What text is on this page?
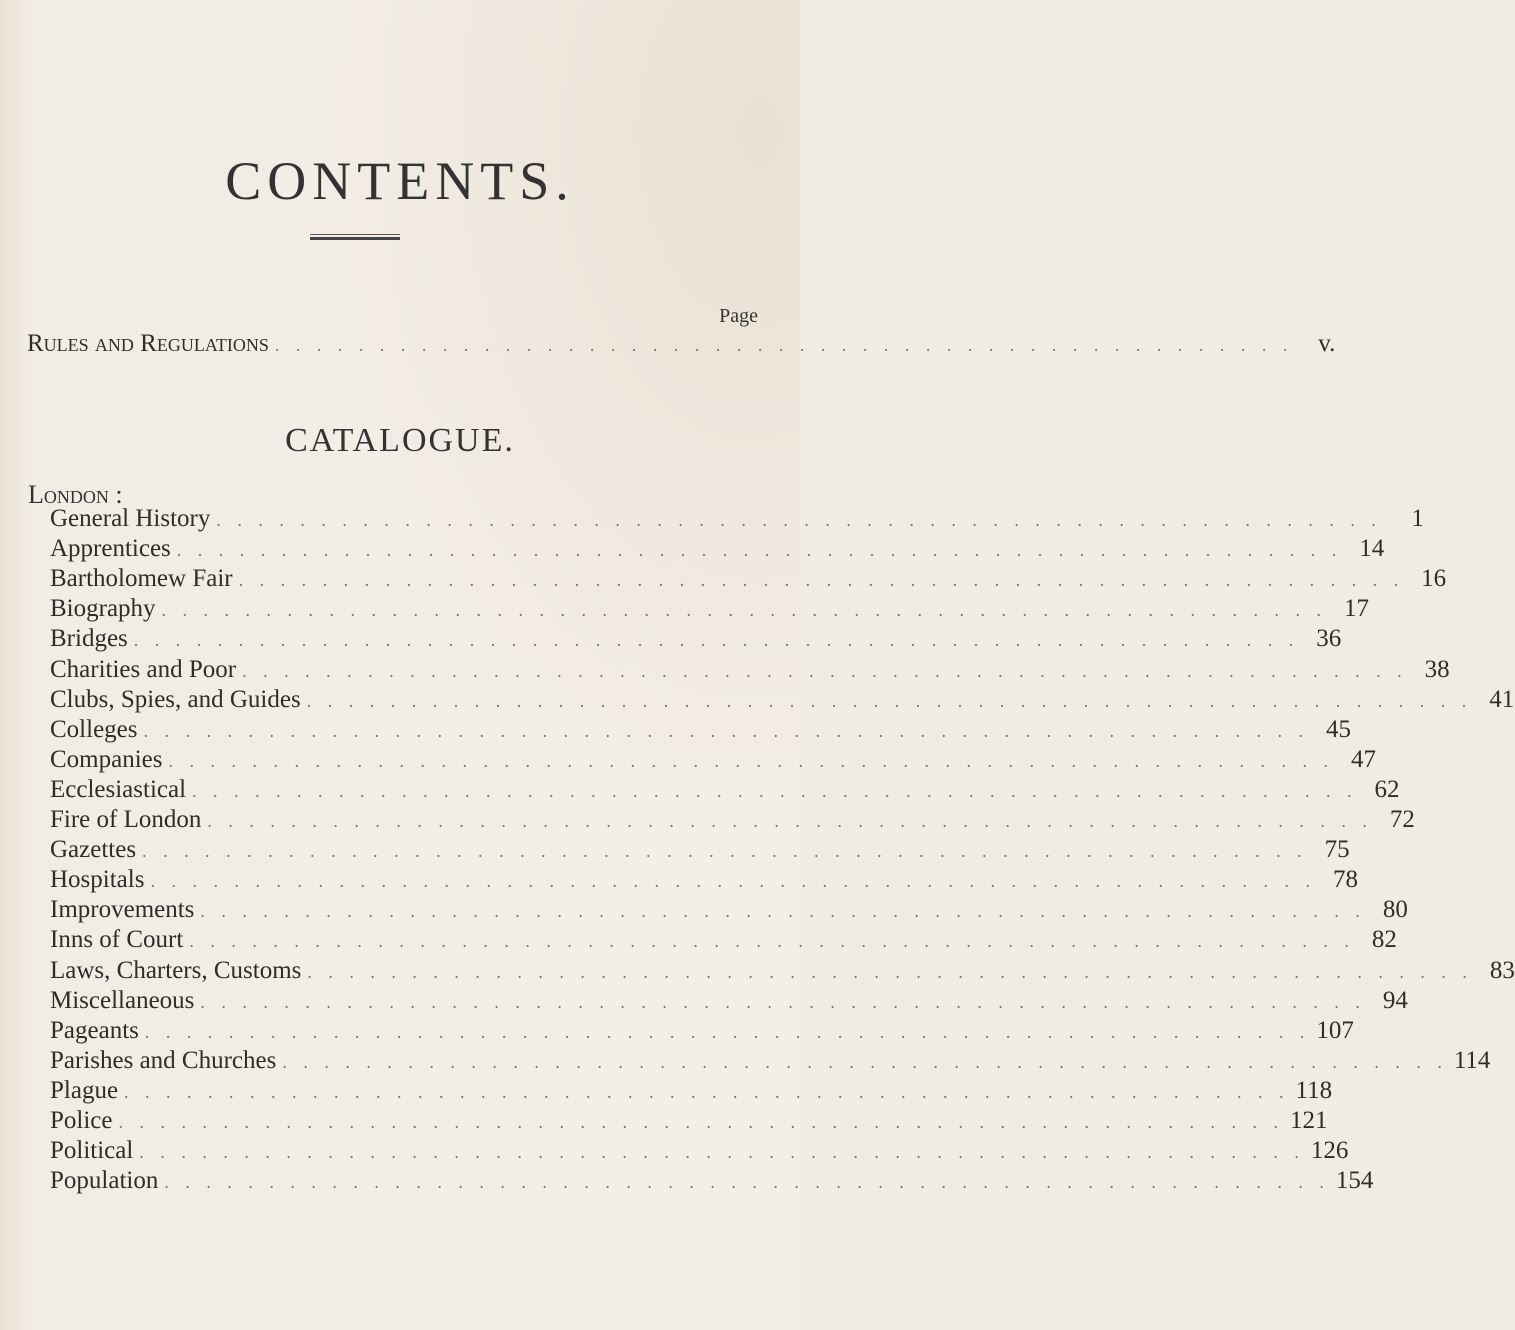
CONTENTS.
Page
Rules and Regulations . . . . . . . . . . . . . . . . . . . . . . . . . . . . . . . . . . . . . . . . . . . . . . . . . v.
CATALOGUE.
London :
General History . . . . . . . . . . . . . . . . . . . . . . . . . . . . . . . . . . . . . . . . . . . . . . . . . . . . . . . .	1
Apprentices . . . . . . . . . . . . . . . . . . . . . . . . . . . . . . . . . . . . . . . . . . . . . . . . . . . . . . . . 14
Bartholomew Fair . . . . . . . . . . . . . . . . . . . . . . . . . . . . . . . . . . . . . . . . . . . . . . . . . . . . . . . . 16
Biography . . . . . . . . . . . . . . . . . . . . . . . . . . . . . . . . . . . . . . . . . . . . . . . . . . . . . . . . 17
Bridges . . . . . . . . . . . . . . . . . . . . . . . . . . . . . . . . . . . . . . . . . . . . . . . . . . . . . . . . 36
Charities and Poor . . . . . . . . . . . . . . . . . . . . . . . . . . . . . . . . . . . . . . . . . . . . . . . . . . . . . . . . 38
Clubs, Spies, and Guides . . . . . . . . . . . . . . . . . . . . . . . . . . . . . . . . . . . . . . . . . . . . . . . . . . . . . . . . 41
Colleges . . . . . . . . . . . . . . . . . . . . . . . . . . . . . . . . . . . . . . . . . . . . . . . . . . . . . . . . 45
Companies . . . . . . . . . . . . . . . . . . . . . . . . . . . . . . . . . . . . . . . . . . . . . . . . . . . . . . . . 47
Ecclesiastical . . . . . . . . . . . . . . . . . . . . . . . . . . . . . . . . . . . . . . . . . . . . . . . . . . . . . . . . 62
Fire of London . . . . . . . . . . . . . . . . . . . . . . . . . . . . . . . . . . . . . . . . . . . . . . . . . . . . . . . . 72
Gazettes . . . . . . . . . . . . . . . . . . . . . . . . . . . . . . . . . . . . . . . . . . . . . . . . . . . . . . . . 75
Hospitals . . . . . . . . . . . . . . . . . . . . . . . . . . . . . . . . . . . . . . . . . . . . . . . . . . . . . . . . 78
Improvements . . . . . . . . . . . . . . . . . . . . . . . . . . . . . . . . . . . . . . . . . . . . . . . . . . . . . . . . 80
Inns of Court . . . . . . . . . . . . . . . . . . . . . . . . . . . . . . . . . . . . . . . . . . . . . . . . . . . . . . . . 82
Laws, Charters, Customs . . . . . . . . . . . . . . . . . . . . . . . . . . . . . . . . . . . . . . . . . . . . . . . . . . . . . . . . 83
Miscellaneous . . . . . . . . . . . . . . . . . . . . . . . . . . . . . . . . . . . . . . . . . . . . . . . . . . . . . . . . 94
Pageants . . . . . . . . . . . . . . . . . . . . . . . . . . . . . . . . . . . . . . . . . . . . . . . . . . . . . . . . 107
Parishes and Churches . . . . . . . . . . . . . . . . . . . . . . . . . . . . . . . . . . . . . . . . . . . . . . . . . . . . . . . . 114
Plague . . . . . . . . . . . . . . . . . . . . . . . . . . . . . . . . . . . . . . . . . . . . . . . . . . . . . . . . 118
Police . . . . . . . . . . . . . . . . . . . . . . . . . . . . . . . . . . . . . . . . . . . . . . . . . . . . . . . . 121
Political . . . . . . . . . . . . . . . . . . . . . . . . . . . . . . . . . . . . . . . . . . . . . . . . . . . . . . . . 126
Population . . . . . . . . . . . . . . . . . . . . . . . . . . . . . . . . . . . . . . . . . . . . . . . . . . . . . . . . 154
